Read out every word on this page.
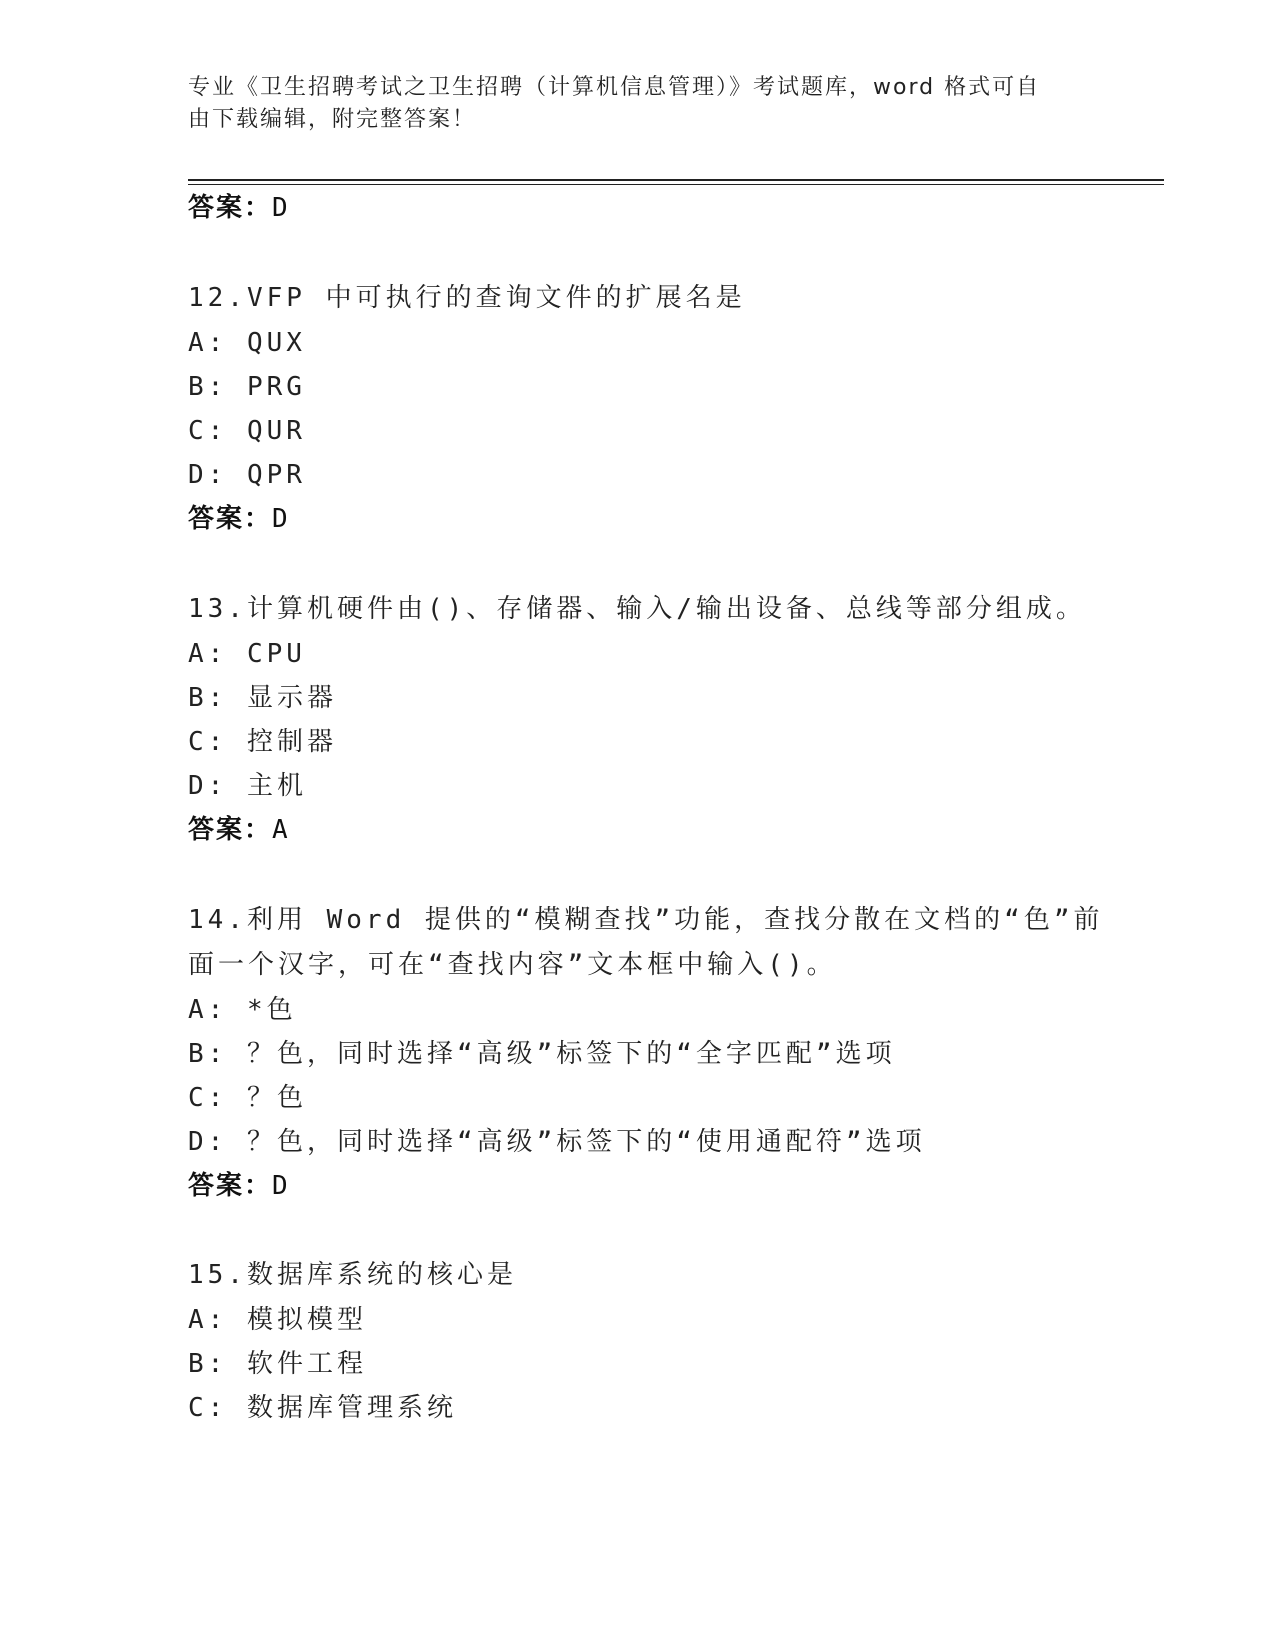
专业《卫生招聘考试之卫生招聘（计算机信息管理）》考试题库，word 格式可自
由下载编辑，附完整答案！
答案：D
12.VFP 中可执行的查询文件的扩展名是
A: QUX
B: PRG
C: QUR
D: QPR
答案：D
13.计算机硬件由()、存储器、输入/输出设备、总线等部分组成。
A: CPU
B: 显示器
C: 控制器
D: 主机
答案：A
14.利用 Word 提供的“模糊查找”功能，查找分散在文档的“色”前
面一个汉字，可在“查找内容”文本框中输入()。
A: *色
B: ？色，同时选择“高级”标签下的“全字匹配”选项
C: ？色
D: ？色，同时选择“高级”标签下的“使用通配符”选项
答案：D
15.数据库系统的核心是
A: 模拟模型
B: 软件工程
C: 数据库管理系统
